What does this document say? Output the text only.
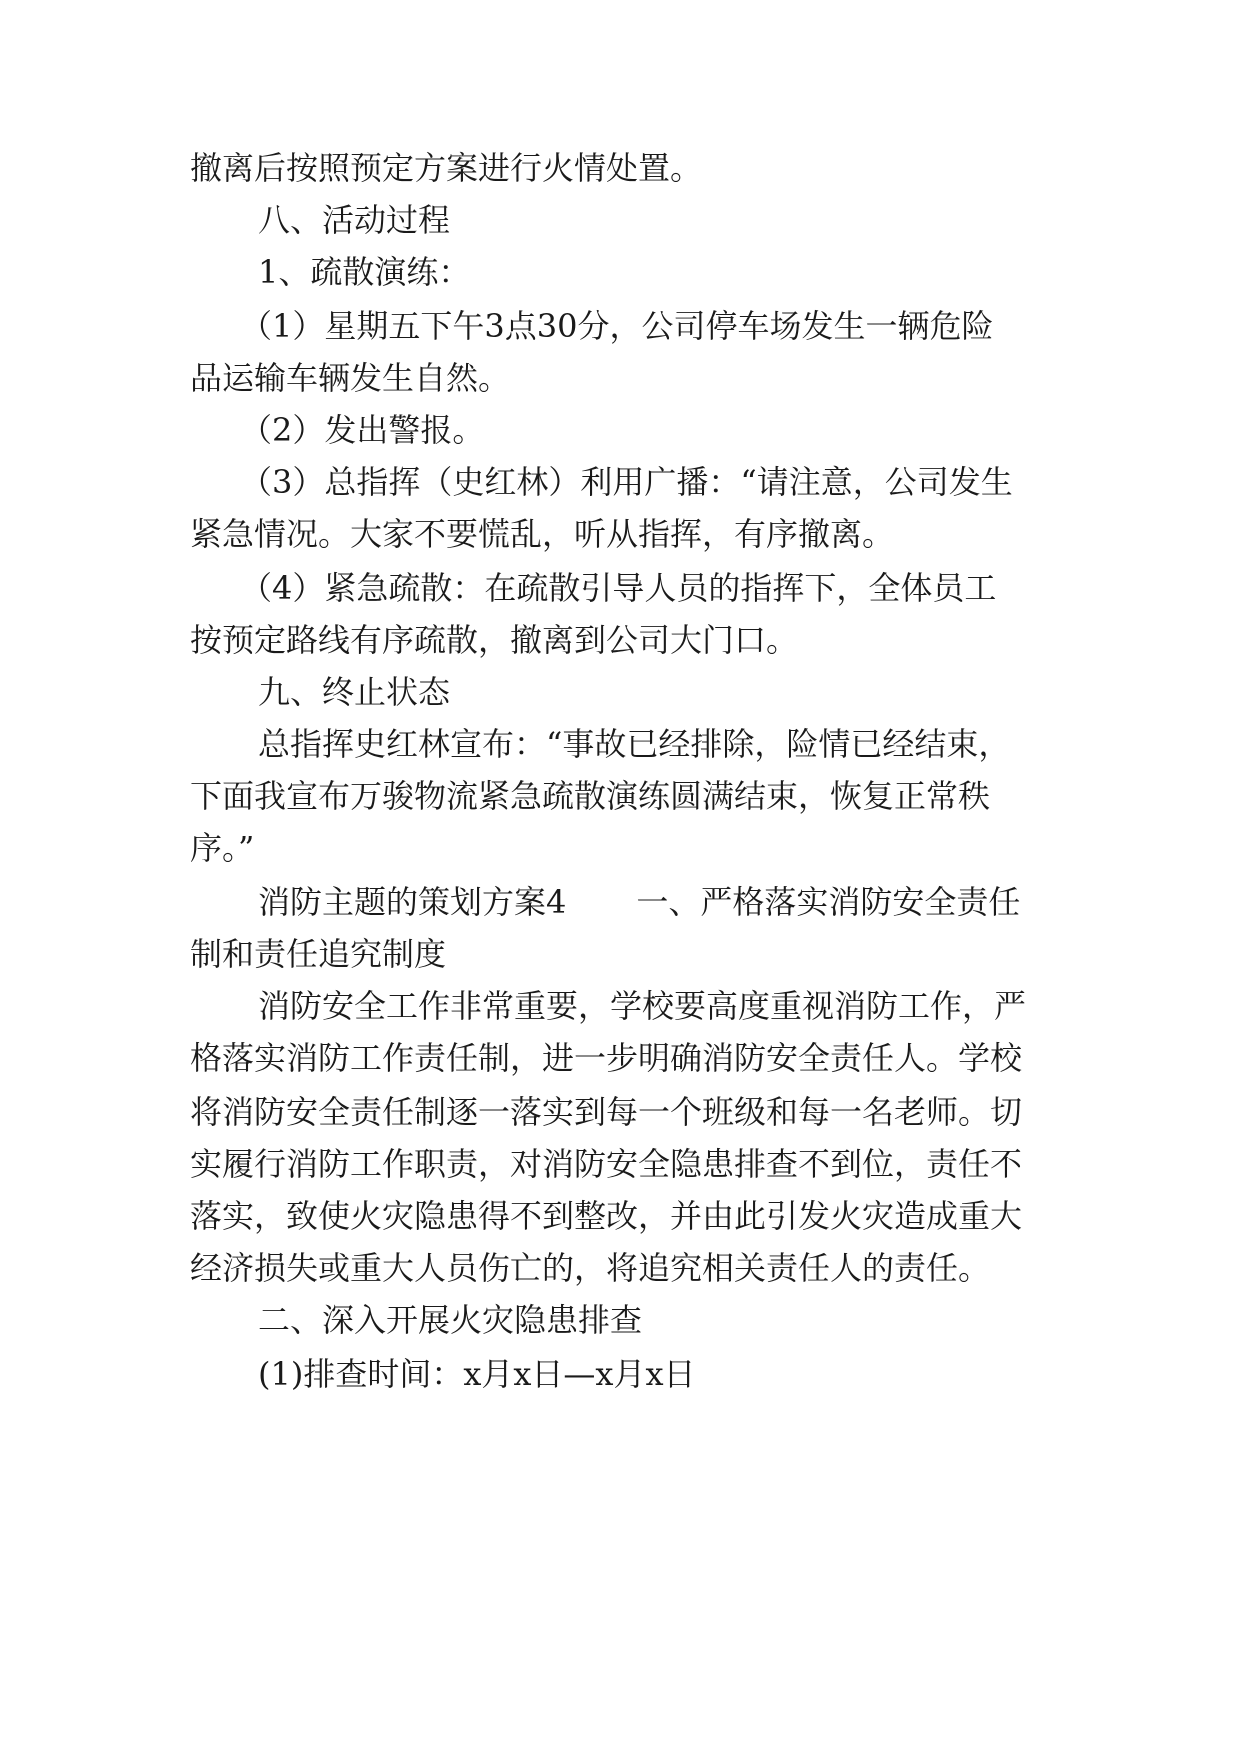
撤离后按照预定方案进行火情处置。
八、活动过程
1、疏散演练：
（1）星期五下午3点30分，公司停车场发生一辆危险
品运输车辆发生自然。
（2）发出警报。
（3）总指挥（史红林）利用广播：“请注意，公司发生
紧急情况。大家不要慌乱，听从指挥，有序撤离。
（4）紧急疏散：在疏散引导人员的指挥下，全体员工
按预定路线有序疏散，撤离到公司大门口。
九、终止状态
总指挥史红林宣布：“事故已经排除，险情已经结束，
下面我宣布万骏物流紧急疏散演练圆满结束，恢复正常秩
序。”
消防主题的策划方案4 一、严格落实消防安全责任
制和责任追究制度
消防安全工作非常重要，学校要高度重视消防工作，严
格落实消防工作责任制，进一步明确消防安全责任人。学校
将消防安全责任制逐一落实到每一个班级和每一名老师。切
实履行消防工作职责，对消防安全隐患排查不到位，责任不
落实，致使火灾隐患得不到整改，并由此引发火灾造成重大
经济损失或重大人员伤亡的，将追究相关责任人的责任。
二、深入开展火灾隐患排查
(1)排查时间：x月x日—x月x日
